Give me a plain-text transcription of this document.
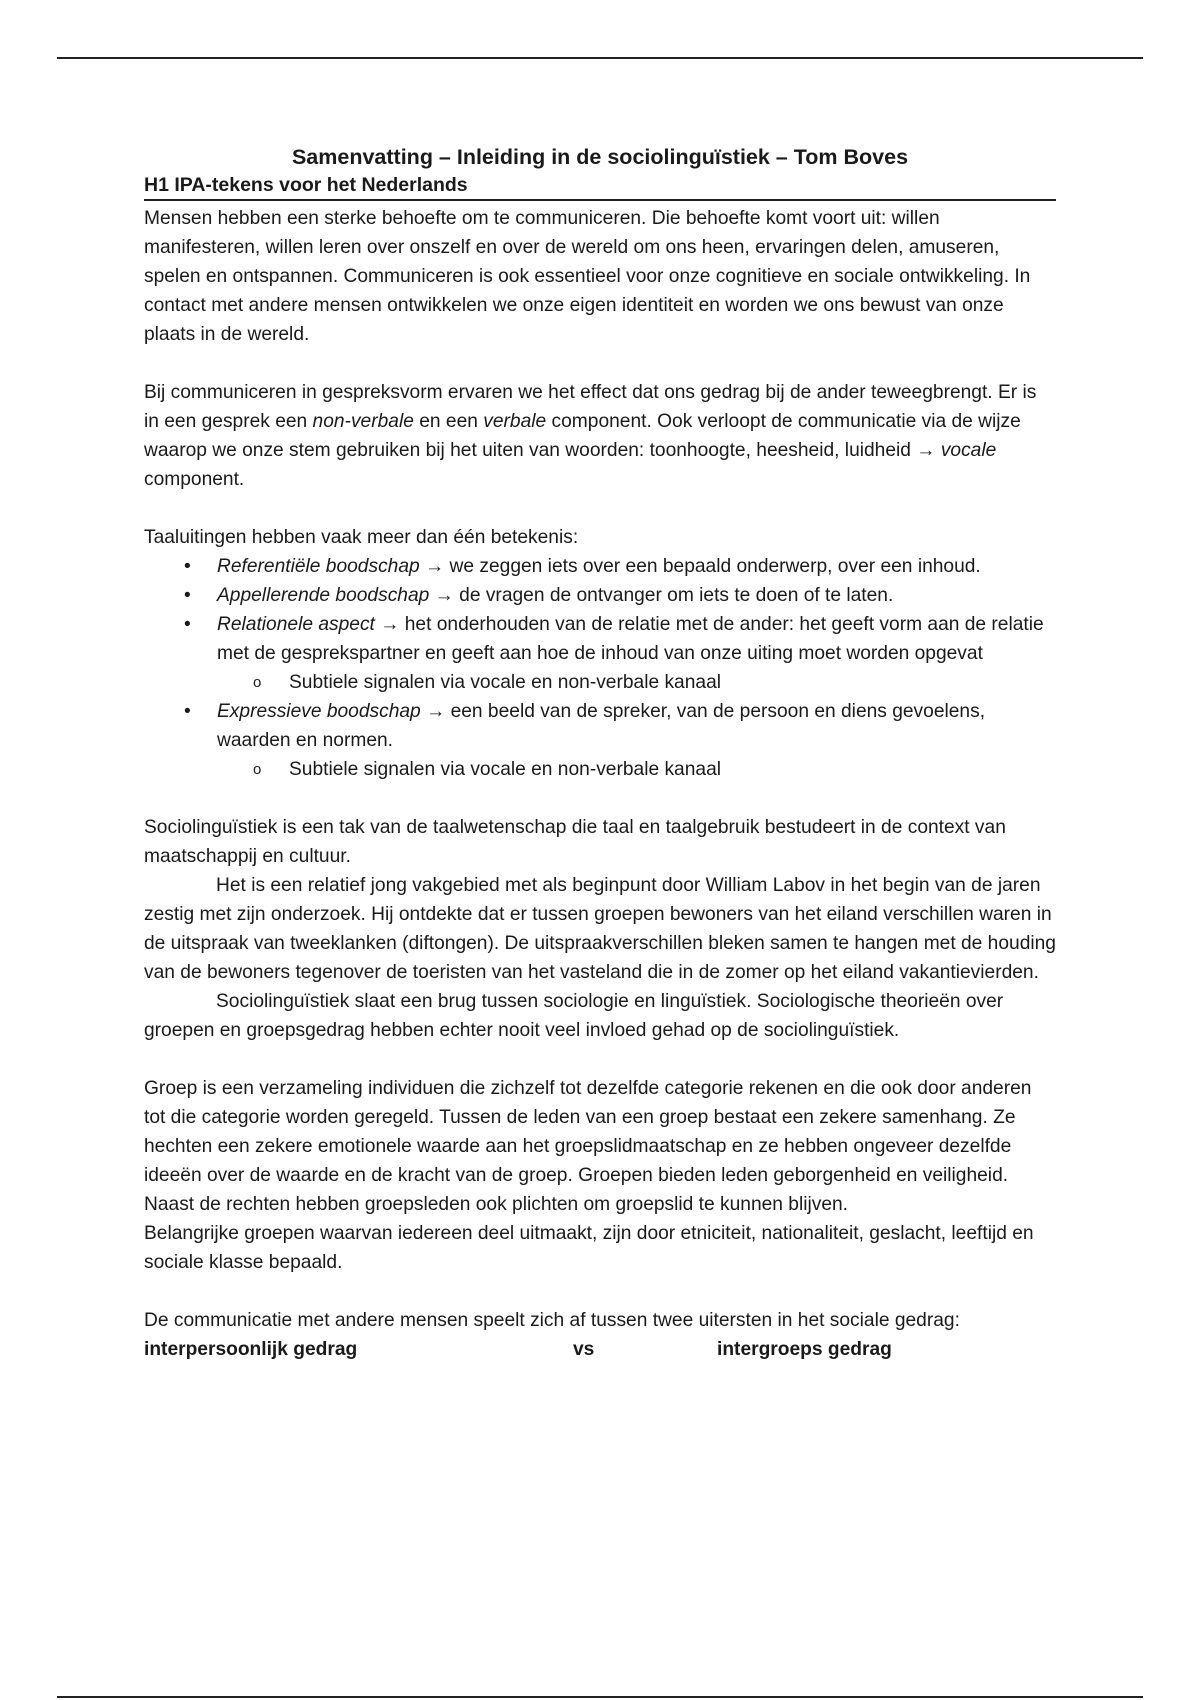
Samenvatting – Inleiding in de sociolinguïstiek – Tom Boves
H1 IPA-tekens voor het Nederlands

Mensen hebben een sterke behoefte om te communiceren. Die behoefte komt voort uit: willen manifesteren, willen leren over onszelf en over de wereld om ons heen, ervaringen delen, amuseren, spelen en ontspannen. Communiceren is ook essentieel voor onze cognitieve en sociale ontwikkeling. In contact met andere mensen ontwikkelen we onze eigen identiteit en worden we ons bewust van onze plaats in de wereld.

Bij communiceren in gespreksvorm ervaren we het effect dat ons gedrag bij de ander teweegbrengt. Er is in een gesprek een non-verbale en een verbale component. Ook verloopt de communicatie via de wijze waarop we onze stem gebruiken bij het uiten van woorden: toonhoogte, heesheid, luidheid → vocale component.

Taaluitingen hebben vaak meer dan één betekenis:

• Referentiële boodschap → we zeggen iets over een bepaald onderwerp, over een inhoud.
• Appellerende boodschap → de vragen de ontvanger om iets te doen of te laten.
• Relationele aspect → het onderhouden van de relatie met de ander: het geeft vorm aan de relatie met de gesprekspartner en geeft aan hoe de inhoud van onze uiting moet worden opgevat
o Subtiele signalen via vocale en non-verbale kanaal
• Expressieve boodschap → een beeld van de spreker, van de persoon en diens gevoelens, waarden en normen.
o Subtiele signalen via vocale en non-verbale kanaal

Sociolinguïstiek is een tak van de taalwetenschap die taal en taalgebruik bestudeert in de context van maatschappij en cultuur.

Het is een relatief jong vakgebied met als beginpunt door William Labov in het begin van de jaren zestig met zijn onderzoek. Hij ontdekte dat er tussen groepen bewoners van het eiland verschillen waren in de uitspraak van tweeklanken (diftongen). De uitspraakverschillen bleken samen te hangen met de houding van de bewoners tegenover de toeristen van het vasteland die in de zomer op het eiland vakantievierden.

Sociolinguïstiek slaat een brug tussen sociologie en linguïstiek. Sociologische theorieën over groepen en groepsgedrag hebben echter nooit veel invloed gehad op de sociolinguïstiek.

Groep is een verzameling individuen die zichzelf tot dezelfde categorie rekenen en die ook door anderen tot die categorie worden geregeld. Tussen de leden van een groep bestaat een zekere samenhang. Ze hechten een zekere emotionele waarde aan het groepslidmaatschap en ze hebben ongeveer dezelfde ideeën over de waarde en de kracht van de groep. Groepen bieden leden geborgenheid en veiligheid. Naast de rechten hebben groepsleden ook plichten om groepslid te kunnen blijven.

Belangrijke groepen waarvan iedereen deel uitmaakt, zijn door etniciteit, nationaliteit, geslacht, leeftijd en sociale klasse bepaald.

De communicatie met andere mensen speelt zich af tussen twee uitersten in het sociale gedrag:

interpersoonlijk gedrag	vs	intergroeps gedrag
